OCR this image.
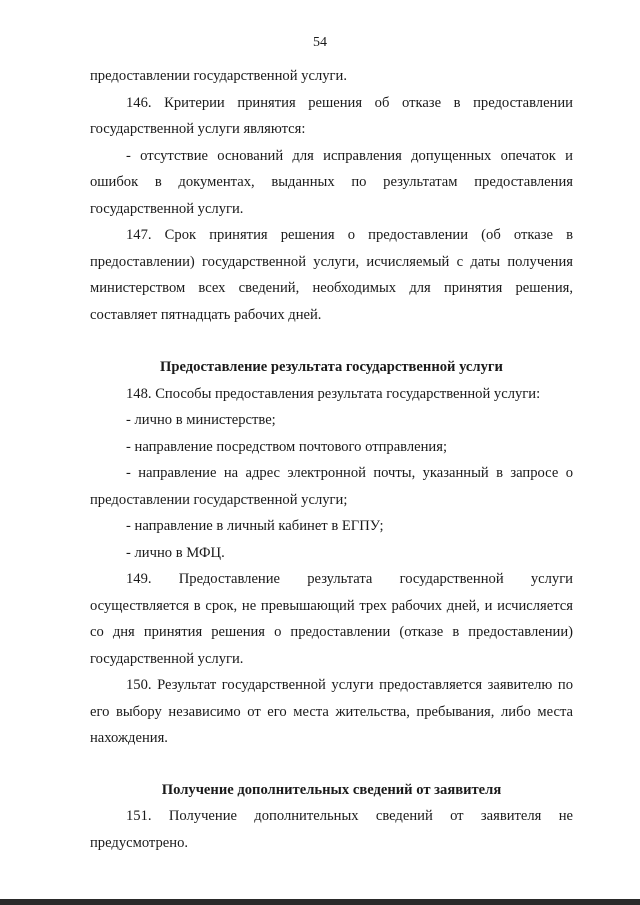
54

предоставлении государственной услуги.

146. Критерии принятия решения об отказе в предоставлении государственной услуги являются:

- отсутствие оснований для исправления допущенных опечаток и ошибок в документах, выданных по результатам предоставления государственной услуги.

147. Срок принятия решения о предоставлении (об отказе в предоставлении) государственной услуги, исчисляемый с даты получения министерством всех сведений, необходимых для принятия решения, составляет пятнадцать рабочих дней.

Предоставление результата государственной услуги

148. Способы предоставления результата государственной услуги:

- лично в министерстве;

- направление посредством почтового отправления;

- направление на адрес электронной почты, указанный в запросе о предоставлении государственной услуги;

- направление в личный кабинет в ЕГПУ;

- лично в МФЦ.

149. Предоставление результата государственной услуги осуществляется в срок, не превышающий трех рабочих дней, и исчисляется со дня принятия решения о предоставлении (отказе в предоставлении) государственной услуги.

150. Результат государственной услуги предоставляется заявителю по его выбору независимо от его места жительства, пребывания, либо места нахождения.

Получение дополнительных сведений от заявителя

151. Получение дополнительных сведений от заявителя не предусмотрено.
